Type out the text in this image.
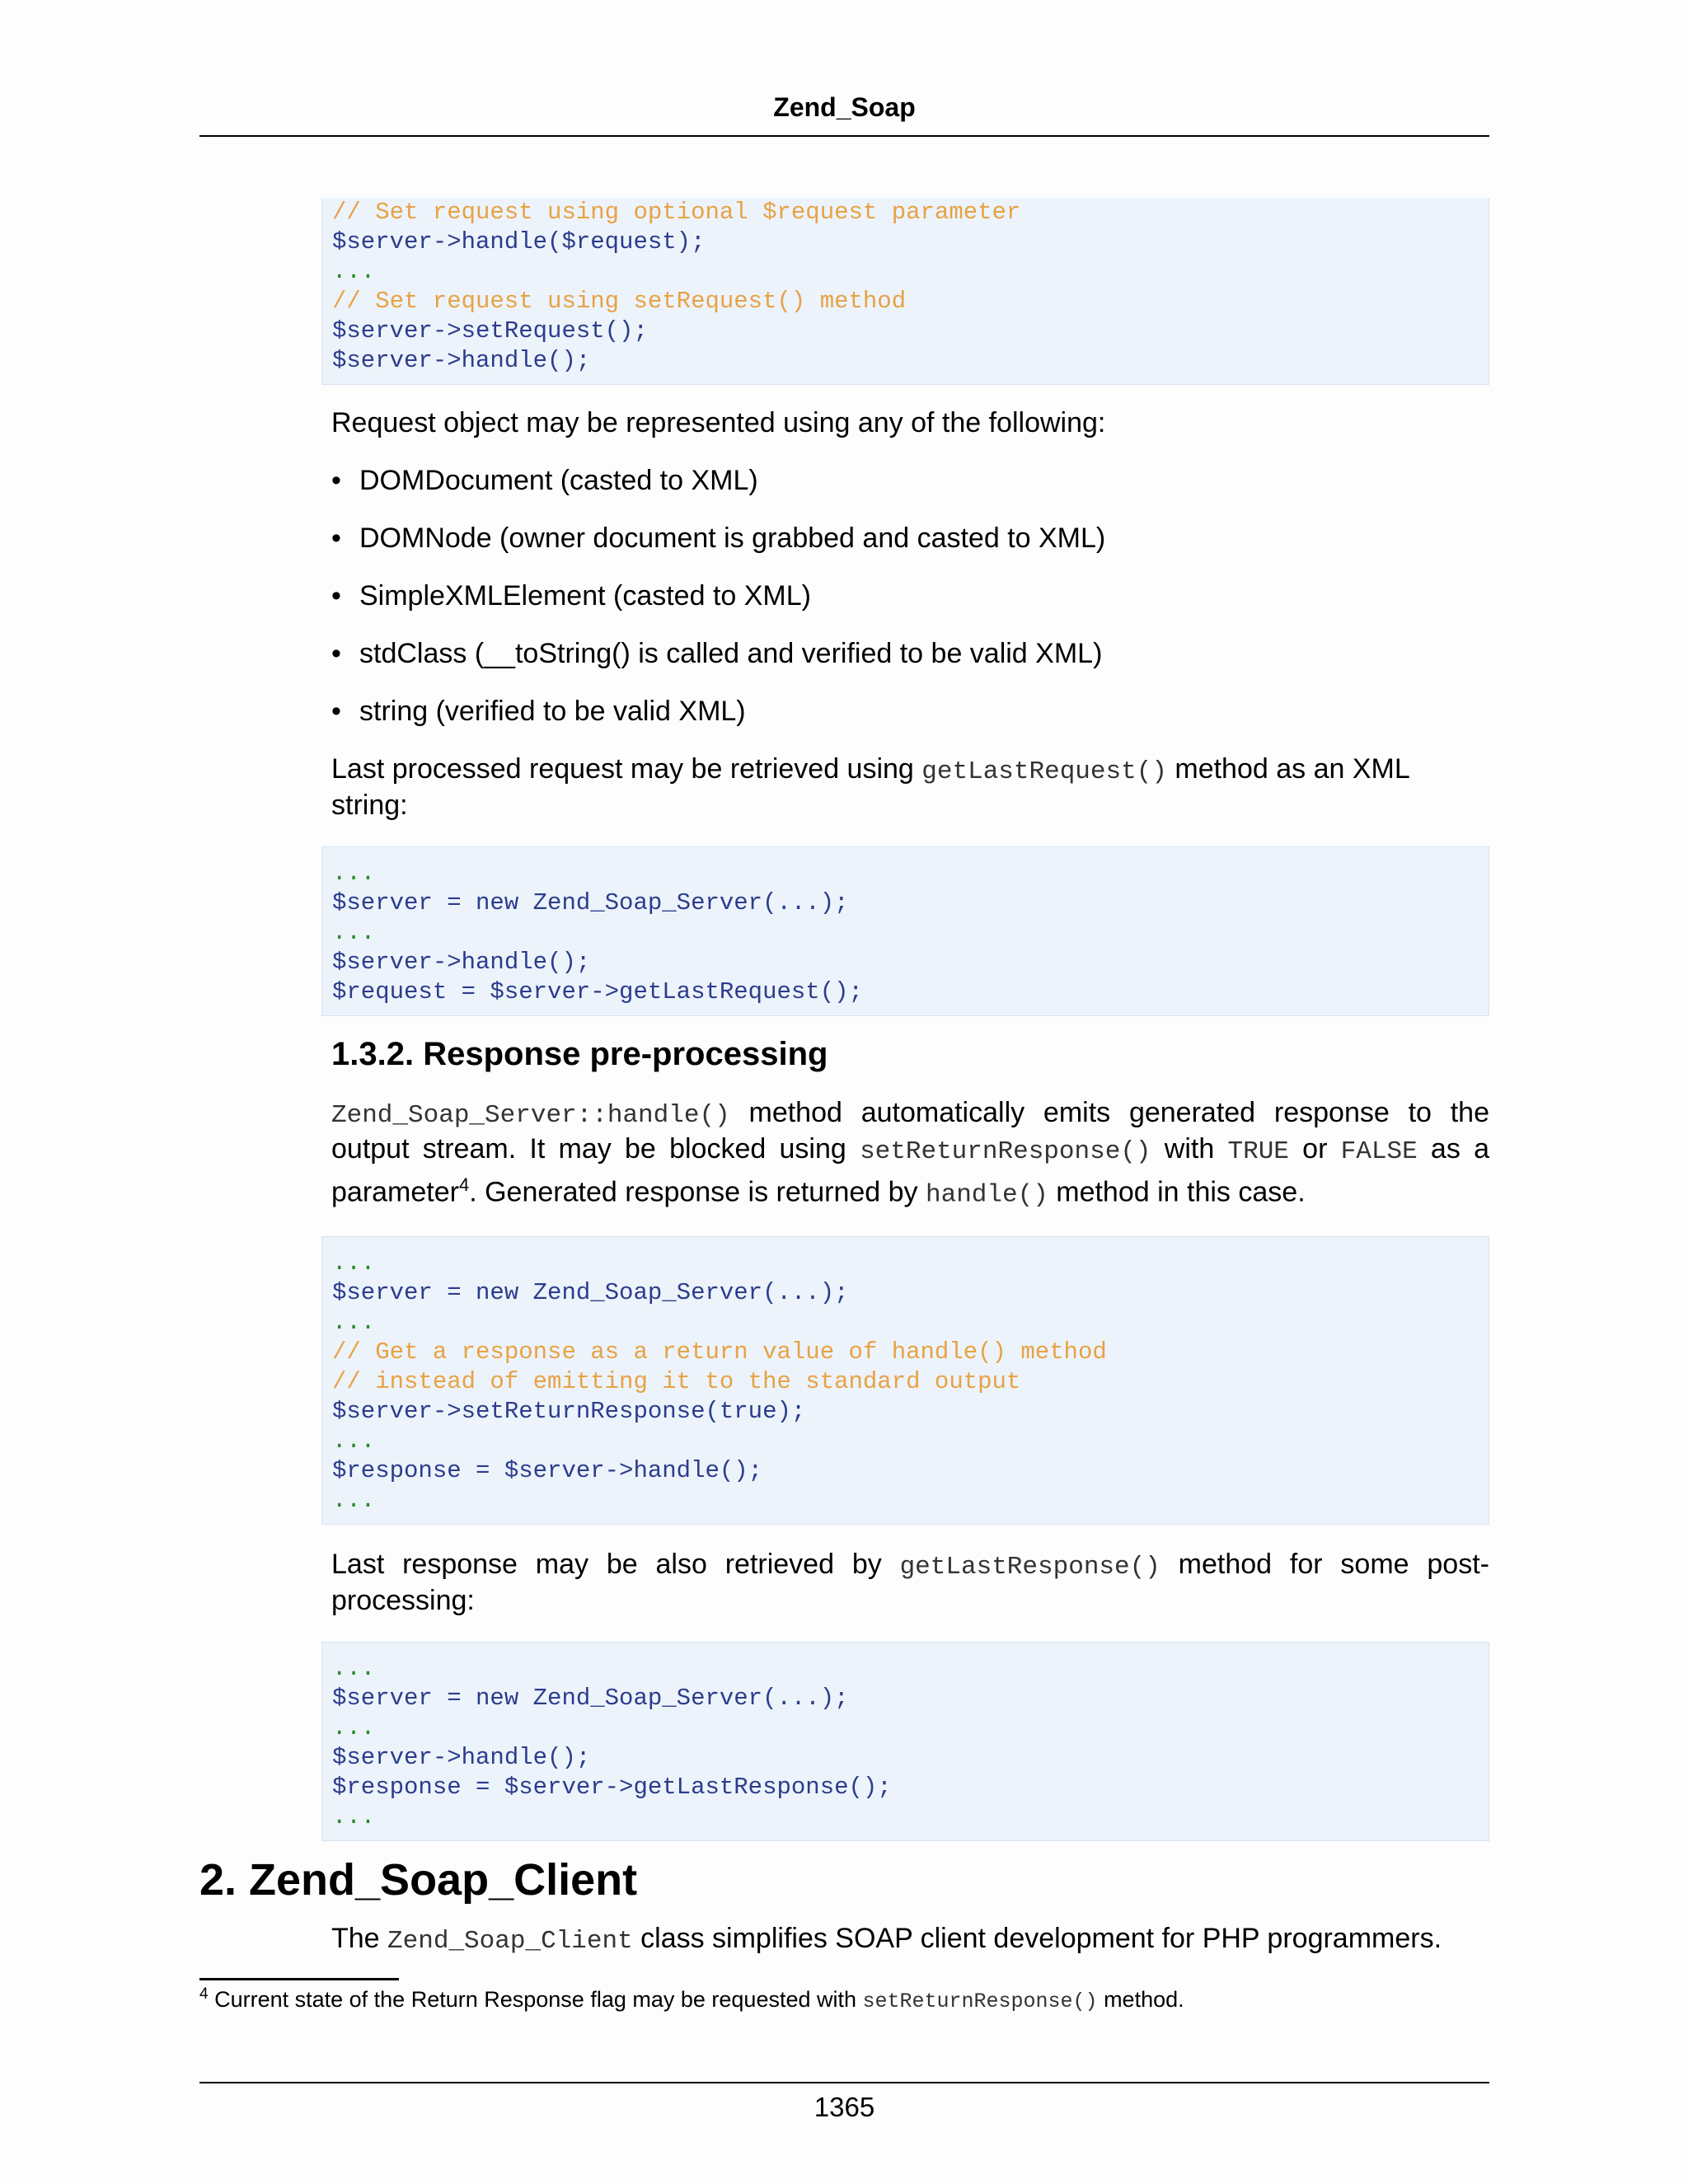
Zend_Soap
// Set request using optional $request parameter
$server->handle($request);
...
// Set request using setRequest() method
$server->setRequest();
$server->handle();

Request object may be represented using any of the following:

• DOMDocument (casted to XML)
• DOMNode (owner document is grabbed and casted to XML)
• SimpleXMLElement (casted to XML)
• stdClass (__toString() is called and verified to be valid XML)
• string (verified to be valid XML)

Last processed request may be retrieved using getLastRequest() method as an XML string:

...
$server = new Zend_Soap_Server(...);
...
$server->handle();
$request = $server->getLastRequest();
1.3.2. Response pre-processing

Zend_Soap_Server::handle() method automatically emits generated response to the output stream. It may be blocked using setReturnResponse() with TRUE or FALSE as a parameter$^4$. Generated response is returned by handle() method in this case.

...
$server = new Zend_Soap_Server(...);
...
// Get a response as a return value of handle() method
// instead of emitting it to the standard output
$server->setReturnResponse(true);
...
$response = $server->handle();
...

Last response may be also retrieved by getLastResponse() method for some post-processing:

...
$server = new Zend_Soap_Server(...);
...
$server->handle();
$response = $server->getLastResponse();
...
2. Zend_Soap_Client

The Zend_Soap_Client class simplifies SOAP client development for PHP programmers.

$^4$ Current state of the Return Response flag may be requested with setReturnResponse() method.
1365
